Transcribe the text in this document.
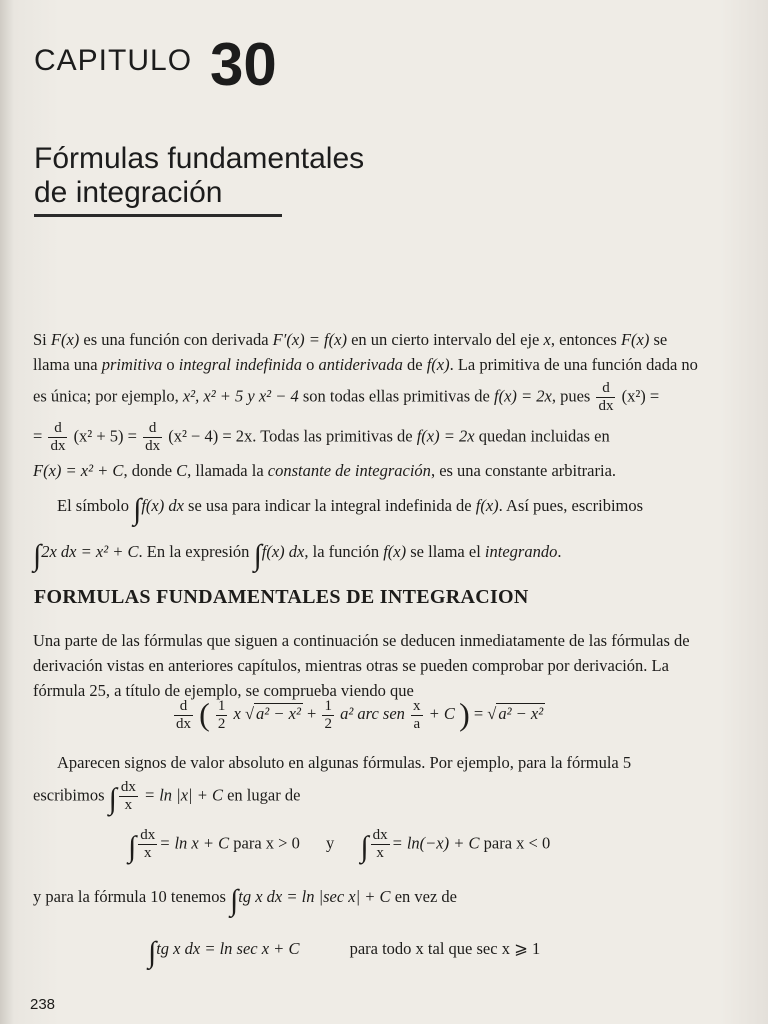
CAPITULO 30
Fórmulas fundamentales
de integración
Si F(x) es una función con derivada F′(x) = f(x) en un cierto intervalo del eje x, entonces F(x) se
llama una primitiva o integral indefinida o antiderivada de f(x). La primitiva de una función dada no
es única; por ejemplo, x², x² + 5 y x² − 4 son todas ellas primitivas de f(x) = 2x, pues $\frac{d}{dx} (x^2)$ =
= $\frac{d}{dx} (x^2 + 5) = \frac{d}{dx} (x^2 - 4) = 2x$. Todas las primitivas de f(x) = 2x quedan incluidas en
F(x) = x² + C, donde C, llamada la constante de integración, es una constante arbitraria.
El símbolo ∫f(x) dx se usa para indicar la integral indefinida de f(x). Así pues, escribimos
∫2x dx = x² + C. En la expresión ∫f(x) dx, la función f(x) se llama el integrando.
FORMULAS FUNDAMENTALES DE INTEGRACION
Una parte de las fórmulas que siguen a continuación se deducen inmediatamente de las fórmulas de
derivación vistas en anteriores capítulos, mientras otras se pueden comprobar por derivación. La
fórmula 25, a título de ejemplo, se comprueba viendo que
$\frac{d}{dx}$ ( $\frac{1}{2}$ x √ $a^2 - x^2 + \frac{1}{2} a^2$ arc sen $\frac{x}{a} + C$ ) = √ a² − x²
Aparecen signos de valor absoluto en algunas fórmulas. Por ejemplo, para la fórmula 5
escribimos ∫ $\frac{dx}{x} = \ln |x| + C$ en lugar de
∫ $\frac{dx}{x} = \ln x + C$ para x > 0 y ∫ $\frac{dx}{x} = \ln(-x) + C$ para x < 0
y para la fórmula 10 tenemos ∫tg x dx = ln |sec x| + C en vez de
∫tg x dx = ln sec x + C	para todo x tal que sec x ⩾ 1
238
